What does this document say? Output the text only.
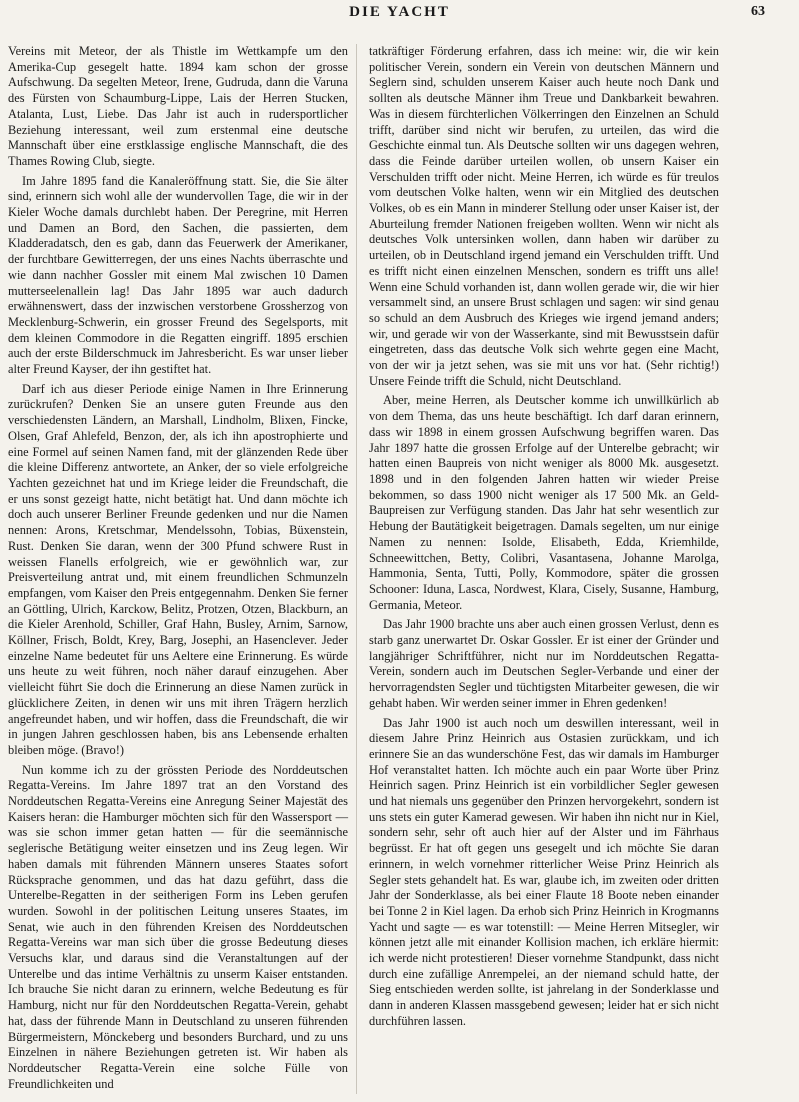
DIE YACHT	63

Vereins mit Meteor, der als Thistle im Wettkampfe um den Amerika-Cup gesegelt hatte. 1894 kam schon der grosse Aufschwung. Da segelten Meteor, Irene, Gudruda, dann die Varuna des Fürsten von Schaumburg-Lippe, Lais der Herren Stucken, Atalanta, Lust, Liebe. Das Jahr ist auch in rudersportlicher Beziehung interessant, weil zum erstenmal eine deutsche Mannschaft über eine erstklassige englische Mannschaft, die des Thames Rowing Club, siegte.

Im Jahre 1895 fand die Kanaleröffnung statt. Sie, die Sie älter sind, erinnern sich wohl alle der wundervollen Tage, die wir in der Kieler Woche damals durchlebt haben. Der Peregrine, mit Herren und Damen an Bord, den Sachen, die passierten, dem Kladderadatsch, den es gab, dann das Feuerwerk der Amerikaner, der furchtbare Gewitterregen, der uns eines Nachts überraschte und wie dann nachher Gossler mit einem Mal zwischen 10 Damen mutterseelenallein lag! Das Jahr 1895 war auch dadurch erwähnenswert, dass der inzwischen verstorbene Grossherzog von Mecklenburg-Schwerin, ein grosser Freund des Segelsports, mit dem kleinen Commodore in die Regatten eingriff. 1895 erschien auch der erste Bilderschmuck im Jahresbericht. Es war unser lieber alter Freund Kayser, der ihn gestiftet hat.

Darf ich aus dieser Periode einige Namen in Ihre Erinnerung zurückrufen? Denken Sie an unsere guten Freunde aus den verschiedensten Ländern, an Marshall, Lindholm, Blixen, Fincke, Olsen, Graf Ahlefeld, Benzon, der, als ich ihn apostrophierte und eine Formel auf seinen Namen fand, mit der glänzenden Rede über die kleine Differenz antwortete, an Anker, der so viele erfolgreiche Yachten gezeichnet hat und im Kriege leider die Freundschaft, die er uns sonst gezeigt hatte, nicht betätigt hat. Und dann möchte ich doch auch unserer Berliner Freunde gedenken und nur die Namen nennen: Arons, Kretschmar, Mendelssohn, Tobias, Büxenstein, Rust. Denken Sie daran, wenn der 300 Pfund schwere Rust in weissen Flanells erfolgreich, wie er gewöhnlich war, zur Preisverteilung antrat und, mit einem freundlichen Schmunzeln empfangen, vom Kaiser den Preis entgegennahm. Denken Sie ferner an Göttling, Ulrich, Karckow, Belitz, Protzen, Otzen, Blackburn, an die Kieler Arenhold, Schiller, Graf Hahn, Busley, Arnim, Sarnow, Köllner, Frisch, Boldt, Krey, Barg, Josephi, an Hasenclever. Jeder einzelne Name bedeutet für uns Aeltere eine Erinnerung. Es würde uns heute zu weit führen, noch näher darauf einzugehen. Aber vielleicht führt Sie doch die Erinnerung an diese Namen zurück in glücklichere Zeiten, in denen wir uns mit ihren Trägern herzlich angefreundet haben, und wir hoffen, dass die Freundschaft, die wir in jungen Jahren geschlossen haben, bis ans Lebensende erhalten bleiben möge. (Bravo!)

Nun komme ich zu der grössten Periode des Norddeutschen Regatta-Vereins. Im Jahre 1897 trat an den Vorstand des Norddeutschen Regatta-Vereins eine Anregung Seiner Majestät des Kaisers heran: die Hamburger möchten sich für den Wassersport — was sie schon immer getan hatten — für die seemännische seglerische Betätigung weiter einsetzen und ins Zeug legen. Wir haben damals mit führenden Männern unseres Staates sofort Rücksprache genommen, und das hat dazu geführt, dass die Unterelbe-Regatten in der seitherigen Form ins Leben gerufen wurden. Sowohl in der politischen Leitung unseres Staates, im Senat, wie auch in den führenden Kreisen des Norddeutschen Regatta-Vereins war man sich über die grosse Bedeutung dieses Versuchs klar, und daraus sind die Veranstaltungen auf der Unterelbe und das intime Verhältnis zu unserm Kaiser entstanden. Ich brauche Sie nicht daran zu erinnern, welche Bedeutung es für Hamburg, nicht nur für den Norddeutschen Regatta-Verein, gehabt hat, dass der führende Mann in Deutschland zu unseren führenden Bürgermeistern, Mönckeberg und besonders Burchard, und zu uns Einzelnen in nähere Beziehungen getreten ist. Wir haben als Norddeutscher Regatta-Verein eine solche Fülle von Freundlichkeiten und

tatkräftiger Förderung erfahren, dass ich meine: wir, die wir kein politischer Verein, sondern ein Verein von deutschen Männern und Seglern sind, schulden unserem Kaiser auch heute noch Dank und sollten als deutsche Männer ihm Treue und Dankbarkeit bewahren. Was in diesem fürchterlichen Völkerringen den Einzelnen an Schuld trifft, darüber sind nicht wir berufen, zu urteilen, das wird die Geschichte einmal tun. Als Deutsche sollten wir uns dagegen wehren, dass die Feinde darüber urteilen wollen, ob unsern Kaiser ein Verschulden trifft oder nicht. Meine Herren, ich würde es für treulos vom deutschen Volke halten, wenn wir ein Mitglied des deutschen Volkes, ob es ein Mann in minderer Stellung oder unser Kaiser ist, der Aburteilung fremder Nationen freigeben wollten. Wenn wir nicht als deutsches Volk untersinken wollen, dann haben wir darüber zu urteilen, ob in Deutschland irgend jemand ein Verschulden trifft. Und es trifft nicht einen einzelnen Menschen, sondern es trifft uns alle! Wenn eine Schuld vorhanden ist, dann wollen gerade wir, die wir hier versammelt sind, an unsere Brust schlagen und sagen: wir sind genau so schuld an dem Ausbruch des Krieges wie irgend jemand anders; wir, und gerade wir von der Wasserkante, sind mit Bewusstsein dafür eingetreten, dass das deutsche Volk sich wehrte gegen eine Macht, von der wir ja jetzt sehen, was sie mit uns vor hat. (Sehr richtig!) Unsere Feinde trifft die Schuld, nicht Deutschland.

Aber, meine Herren, als Deutscher komme ich unwillkürlich ab von dem Thema, das uns heute beschäftigt. Ich darf daran erinnern, dass wir 1898 in einem grossen Aufschwung begriffen waren. Das Jahr 1897 hatte die grossen Erfolge auf der Unterelbe gebracht; wir hatten einen Baupreis von nicht weniger als 8000 Mk. ausgesetzt. 1898 und in den folgenden Jahren hatten wir wieder Preise bekommen, so dass 1900 nicht weniger als 17 500 Mk. an Geld-Baupreisen zur Verfügung standen. Das Jahr hat sehr wesentlich zur Hebung der Bautätigkeit beigetragen. Damals segelten, um nur einige Namen zu nennen: Isolde, Elisabeth, Edda, Kriemhilde, Schneewittchen, Betty, Colibri, Vasantasena, Johanne Marolga, Hammonia, Senta, Tutti, Polly, Kommodore, später die grossen Schooner: Iduna, Lasca, Nordwest, Klara, Cisely, Susanne, Hamburg, Germania, Meteor.

Das Jahr 1900 brachte uns aber auch einen grossen Verlust, denn es starb ganz unerwartet Dr. Oskar Gossler. Er ist einer der Gründer und langjähriger Schriftführer, nicht nur im Norddeutschen Regatta-Verein, sondern auch im Deutschen Segler-Verbande und einer der hervorragendsten Segler und tüchtigsten Mitarbeiter gewesen, die wir gehabt haben. Wir werden seiner immer in Ehren gedenken!

Das Jahr 1900 ist auch noch um deswillen interessant, weil in diesem Jahre Prinz Heinrich aus Ostasien zurückkam, und ich erinnere Sie an das wunderschöne Fest, das wir damals im Hamburger Hof veranstaltet hatten. Ich möchte auch ein paar Worte über Prinz Heinrich sagen. Prinz Heinrich ist ein vorbildlicher Segler gewesen und hat niemals uns gegenüber den Prinzen hervorgekehrt, sondern ist uns stets ein guter Kamerad gewesen. Wir haben ihn nicht nur in Kiel, sondern sehr, sehr oft auch hier auf der Alster und im Fährhaus begrüsst. Er hat oft gegen uns gesegelt und ich möchte Sie daran erinnern, in welch vornehmer ritterlicher Weise Prinz Heinrich als Segler stets gehandelt hat. Es war, glaube ich, im zweiten oder dritten Jahr der Sonderklasse, als bei einer Flaute 18 Boote neben einander bei Tonne 2 in Kiel lagen. Da erhob sich Prinz Heinrich in Krogmanns Yacht und sagte — es war totenstill: — Meine Herren Mitsegler, wir können jetzt alle mit einander Kollision machen, ich erkläre hiermit: ich werde nicht protestieren! Dieser vornehme Standpunkt, dass nicht durch eine zufällige Anrempelei, an der niemand schuld hatte, der Sieg entschieden werden sollte, ist jahrelang in der Sonderklasse und dann in anderen Klassen massgebend gewesen; leider hat er sich nicht durchführen lassen.
